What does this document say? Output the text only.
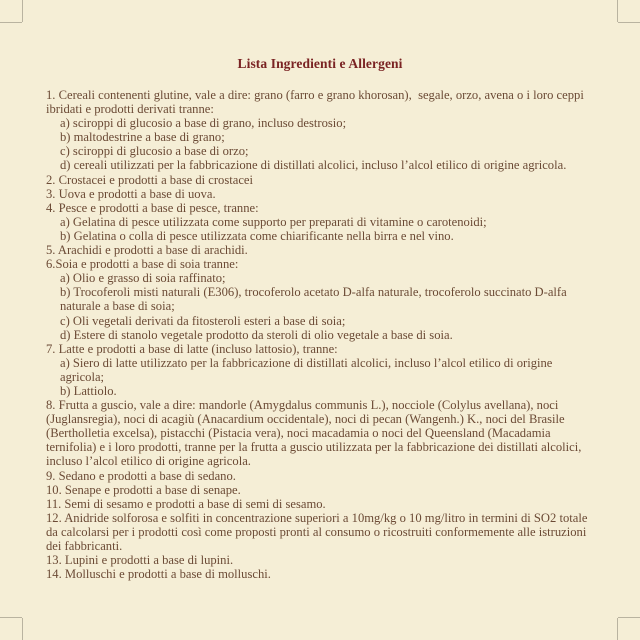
Lista Ingredienti e Allergeni
1. Cereali contenenti glutine, vale a dire: grano (farro e grano khorosan),  segale, orzo, avena o i loro ceppi ibridati e prodotti derivati tranne:
a) sciroppi di glucosio a base di grano, incluso destrosio;
b) maltodestrine a base di grano;
c) sciroppi di glucosio a base di orzo;
d) cereali utilizzati per la fabbricazione di distillati alcolici, incluso l’alcol etilico di origine agricola.
2. Crostacei e prodotti a base di crostacei
3. Uova e prodotti a base di uova.
4. Pesce e prodotti a base di pesce, tranne:
a) Gelatina di pesce utilizzata come supporto per preparati di vitamine o carotenoidi;
b) Gelatina o colla di pesce utilizzata come chiarificante nella birra e nel vino.
5. Arachidi e prodotti a base di arachidi.
6.Soia e prodotti a base di soia tranne:
a) Olio e grasso di soia raffinato;
b) Trocoferoli misti naturali (E306), trocoferolo acetato D-alfa naturale, trocoferolo succinato D-alfa naturale a base di soia;
c) Oli vegetali derivati da fitosteroli esteri a base di soia;
d) Estere di stanolo vegetale prodotto da steroli di olio vegetale a base di soia.
7. Latte e prodotti a base di latte (incluso lattosio), tranne:
a) Siero di latte utilizzato per la fabbricazione di distillati alcolici, incluso l’alcol etilico di origine agricola;
b) Lattiolo.
8. Frutta a guscio, vale a dire: mandorle (Amygdalus communis L.), nocciole (Colylus avellana), noci (Juglansregia), noci di acagiù (Anacardium occidentale), noci di pecan (Wangenh.) K., noci del Brasile (Bertholletia excelsa), pistacchi (Pistacia vera), noci macadamia o noci del Queensland (Macadamia ternifolia) e i loro prodotti, tranne per la frutta a guscio utilizzata per la fabbricazione dei distillati alcolici, incluso l’alcol etilico di origine agricola.
9. Sedano e prodotti a base di sedano.
10. Senape e prodotti a base di senape.
11. Semi di sesamo e prodotti a base di semi di sesamo.
12. Anidride solforosa e solfiti in concentrazione superiori a 10mg/kg o 10 mg/litro in termini di SO2 totale da calcolarsi per i prodotti così come proposti pronti al consumo o ricostruiti conformemente alle istruzioni dei fabbricanti.
13. Lupini e prodotti a base di lupini.
14. Molluschi e prodotti a base di molluschi.
